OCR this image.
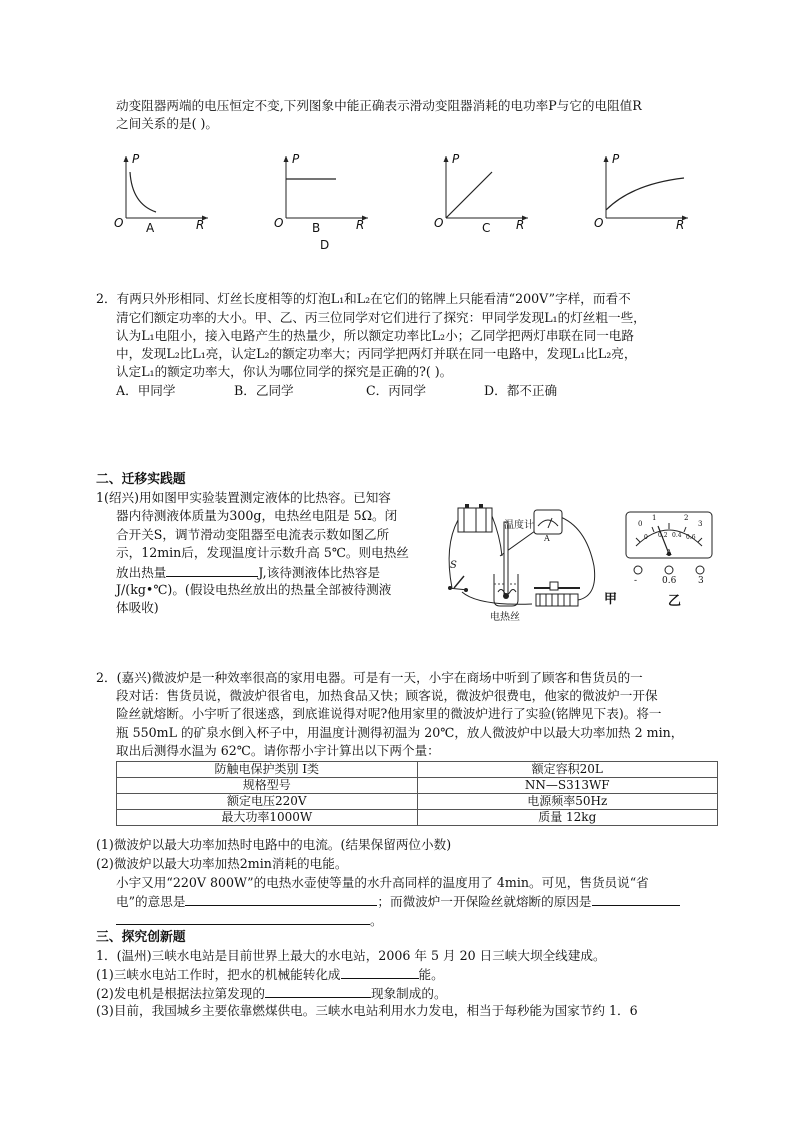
动变阻器两端的电压恒定不变,下列图象中能正确表示滑动变阻器消耗的电功率P与它的电阻值R
之间关系的是( )。
P
O	R
A
P
O	R
B
P
O	R
C
P
O	R
D
2．有两只外形相同、灯丝长度相等的灯泡L₁和L₂在它们的铭牌上只能看清“200V”字样，而看不
清它们额定功率的大小。甲、乙、丙三位同学对它们进行了探究：甲同学发现L₁的灯丝粗一些，
认为L₁电阻小，接入电路产生的热量少，所以额定功率比L₂小；乙同学把两灯串联在同一电路
中，发现L₂比L₁亮，认定L₂的额定功率大；丙同学把两灯并联在同一电路中，发现L₁比L₂亮，
认定L₁的额定功率大，你认为哪位同学的探究是正确的?( )。
A．甲同学	B．乙同学	C．丙同学	D．都不正确
二、迁移实践题
1(绍兴)用如图甲实验装置测定液体的比热容。已知容
器内待测液体质量为300g，电热丝电阻是 5Ω。闭
合开关S，调节滑动变阻器至电流表示数如图乙所
示，12min后，发现温度计示数升高 5℃。则电热丝
放出热量	J,该待测液体比热容是
J/(kg•℃)。(假设电热丝放出的热量全部被待测液
体吸收)
温度计
A
S
电热丝
甲
0
1	2
3
0 0.2 0.4 0.6
A
-	0.6 3
乙
2．(嘉兴)微波炉是一种效率很高的家用电器。可是有一天，小宇在商场中听到了顾客和售货员的一
段对话：售货员说，微波炉很省电，加热食品又快；顾客说，微波炉很费电，他家的微波炉一开保
险丝就熔断。小宇听了很迷惑，到底谁说得对呢?他用家里的微波炉进行了实验(铭牌见下表)。将一
瓶 550mL 的矿泉水倒入杯子中，用温度计测得初温为 20℃，放人微波炉中以最大功率加热 2 min，
取出后测得水温为 62℃。请你帮小宇计算出以下两个量：
防触电保护类别 I类	额定容积20L
规格型号	NN—S313WF
额定电压220V	电源频率50Hz
最大功率1000W	质量 12kg
(1)微波炉以最大功率加热时电路中的电流。(结果保留两位小数)
(2)微波炉以最大功率加热2min消耗的电能。
小宇又用“220V 800W”的电热水壶使等量的水升高同样的温度用了 4min。可见，售货员说“省
电”的意思是	；而微波炉一开保险丝就熔断的原因是
。
三、探究创新题
1．(温州)三峡水电站是目前世界上最大的水电站，2006 年 5 月 20 日三峡大坝全线建成。
(1)三峡水电站工作时，把水的机械能转化成	能。
(2)发电机是根据法拉第发现的	现象制成的。
(3)目前，我国城乡主要依靠燃煤供电。三峡水电站利用水力发电，相当于每秒能为国家节约 1．6
